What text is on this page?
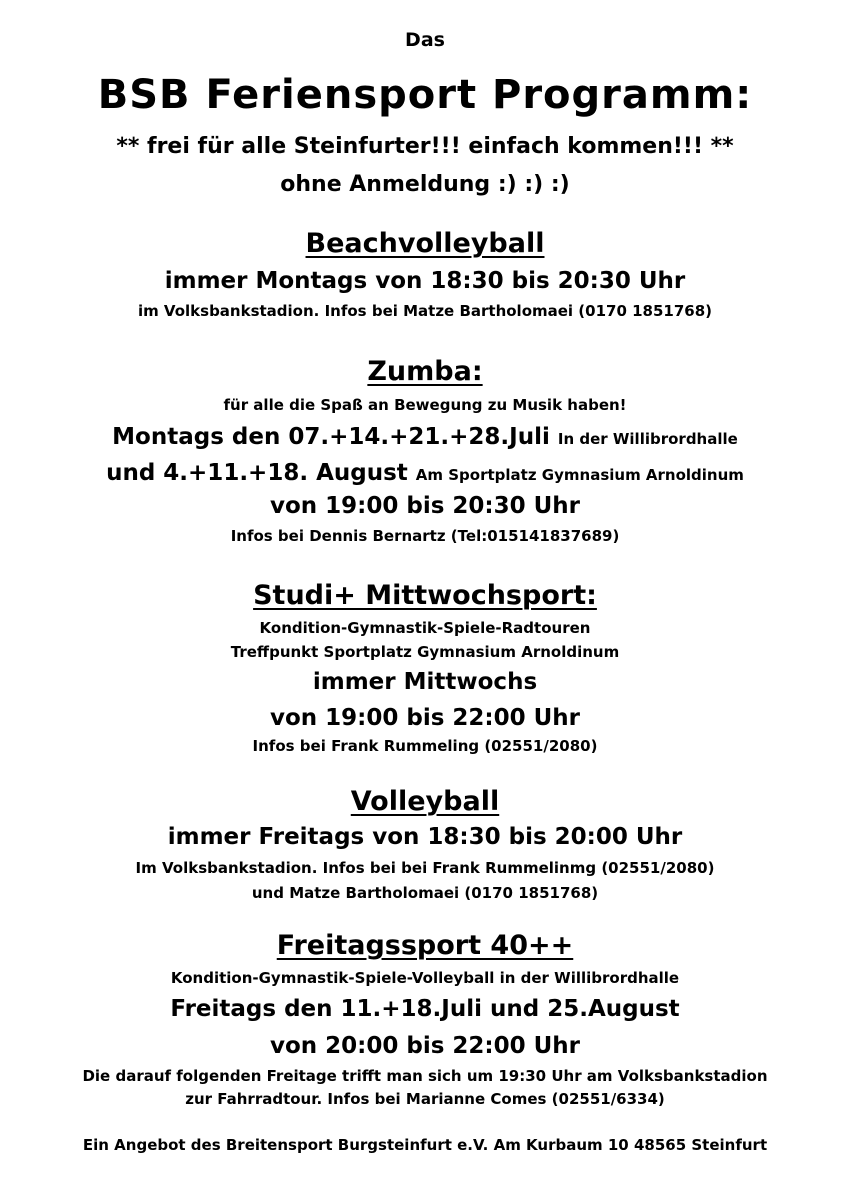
Das
BSB Feriensport Programm:
** frei für alle Steinfurter!!! einfach kommen!!! **
ohne Anmeldung :) :) :)
Beachvolleyball
immer Montags von 18:30 bis 20:30 Uhr
im Volksbankstadion. Infos bei Matze Bartholomaei (0170 1851768)
Zumba:
für alle die Spaß an Bewegung zu Musik haben!
Montags den 07.+14.+21.+28.Juli In der Willibrordhalle
und 4.+11.+18. August Am Sportplatz Gymnasium Arnoldinum
von 19:00 bis 20:30 Uhr
Infos bei Dennis Bernartz (Tel:015141837689)
Studi+ Mittwochsport:
Kondition-Gymnastik-Spiele-Radtouren
Treffpunkt Sportplatz Gymnasium Arnoldinum
immer Mittwochs
von 19:00 bis 22:00 Uhr
Infos bei Frank Rummeling (02551/2080)
Volleyball
immer Freitags von 18:30 bis 20:00 Uhr
Im Volksbankstadion. Infos bei bei Frank Rummelinmg (02551/2080)
und Matze Bartholomaei (0170 1851768)
Freitagssport 40++
Kondition-Gymnastik-Spiele-Volleyball in der Willibrordhalle
Freitags den 11.+18.Juli und 25.August
von 20:00 bis 22:00 Uhr
Die darauf folgenden Freitage trifft man sich um 19:30 Uhr am Volksbankstadion
zur Fahrradtour. Infos bei Marianne Comes (02551/6334)
Ein Angebot des Breitensport Burgsteinfurt e.V. Am Kurbaum 10 48565 Steinfurt
